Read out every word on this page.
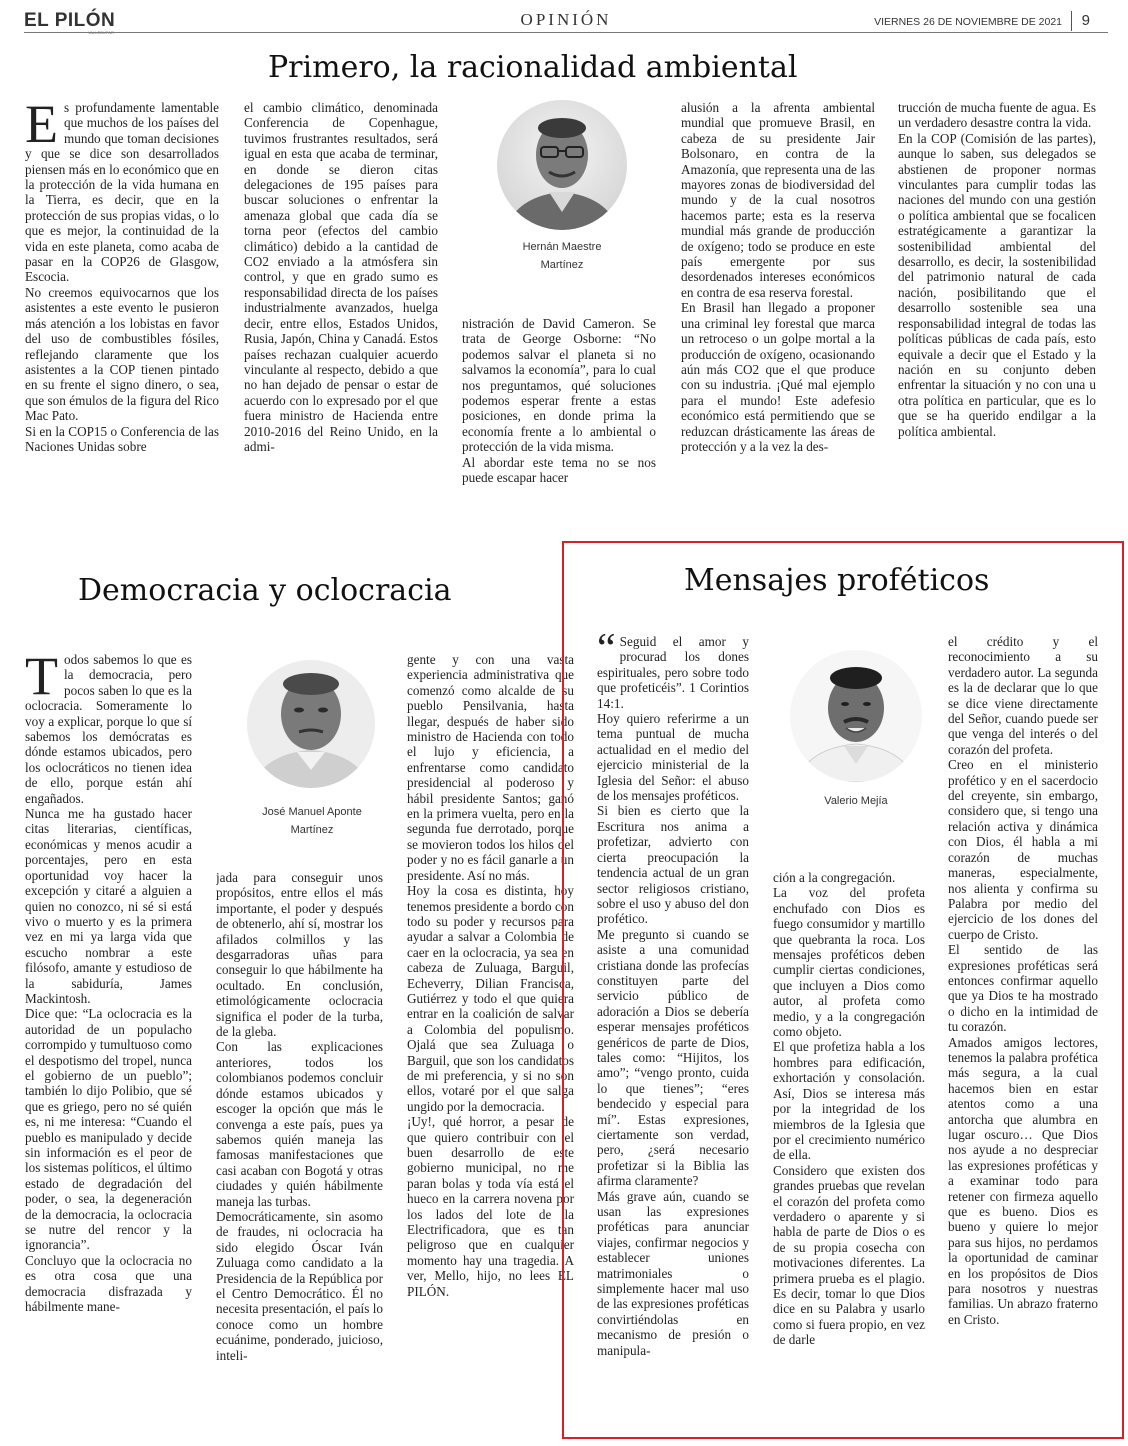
EL PILÓN	OPINIÓN	VIERNES 26 DE NOVIEMBRE DE 2021 9
Primero, la racionalidad ambiental
E s profundamente lamentable que muchos de los países del mundo que toman decisiones y que se dice son desarrollados piensen más en lo económico que en la protección de la vida humana en la Tierra, es decir, que en la protección de sus propias vidas, o lo que es mejor, la continuidad de la vida en este planeta, como acaba de pasar en la COP26 de Glasgow, Escocia.
No creemos equivocarnos que los asistentes a este evento le pusieron más atención a los lobistas en favor del uso de combustibles fósiles, reflejando claramente que los asistentes a la COP tienen pintado en su frente el signo dinero, o sea, que son émulos de la figura del Rico Mac Pato.
Si en la COP15 o Conferencia de las Naciones Unidas sobre
el cambio climático, denominada Conferencia de Copenhague, tuvimos frustrantes resultados, será igual en esta que acaba de terminar, en donde se dieron citas delegaciones de 195 países para buscar soluciones o enfrentar la amenaza global que cada día se torna peor (efectos del cambio climático) debido a la cantidad de CO2 enviado a la atmósfera sin control, y que en grado sumo es responsabilidad directa de los países industrialmente avanzados, huelga decir, entre ellos, Estados Unidos, Rusia, Japón, China y Canadá. Estos países rechazan cualquier acuerdo vinculante al respecto, debido a que no han dejado de pensar o estar de acuerdo con lo expresado por el que fuera ministro de Hacienda entre 2010-2016 del Reino Unido, en la admi-
Hernán Maestre
Martínez
nistración de David Cameron. Se trata de George Osborne: “No podemos salvar el planeta si no salvamos la economía”, para lo cual nos preguntamos, qué soluciones podemos esperar frente a estas posiciones, en donde prima la economía frente a lo ambiental o protección de la vida misma.
Al abordar este tema no se nos puede escapar hacer
alusión a la afrenta ambiental mundial que promueve Brasil, en cabeza de su presidente Jair Bolsonaro, en contra de la Amazonía, que representa una de las mayores zonas de biodiversidad del mundo y de la cual nosotros hacemos parte; esta es la reserva mundial más grande de producción de oxígeno; todo se produce en este país emergente por sus desordenados intereses económicos en contra de esa reserva forestal.
En Brasil han llegado a proponer una criminal ley forestal que marca un retroceso o un golpe mortal a la producción de oxígeno, ocasionando aún más CO2 que el que produce con su industria. ¡Qué mal ejemplo para el mundo! Este adefesio económico está permitiendo que se reduzcan drásticamente las áreas de protección y a la vez la des-
trucción de mucha fuente de agua. Es un verdadero desastre contra la vida.
En la COP (Comisión de las partes), aunque lo saben, sus delegados se abstienen de proponer normas vinculantes para cumplir todas las naciones del mundo con una gestión o política ambiental que se focalicen estratégicamente a garantizar la sostenibilidad ambiental del desarrollo, es decir, la sostenibilidad del patrimonio natural de cada nación, posibilitando que el desarrollo sostenible sea una responsabilidad integral de todas las políticas públicas de cada país, esto equivale a decir que el Estado y la nación en su conjunto deben enfrentar la situación y no con una u otra política en particular, que es lo que se ha querido endilgar a la política ambiental.
Democracia y oclocracia
T odos sabemos lo que es la democracia, pero pocos saben lo que es la oclocracia. Someramente lo voy a explicar, porque lo que sí sabemos los demócratas es dónde estamos ubicados, pero los oclocráticos no tienen idea de ello, porque están ahí engañados.
Nunca me ha gustado hacer citas literarias, científicas, económicas y menos acudir a porcentajes, pero en esta oportunidad voy hacer la excepción y citaré a alguien a quien no conozco, ni sé si está vivo o muerto y es la primera vez en mi ya larga vida que escucho nombrar a este filósofo, amante y estudioso de la sabiduría, James Mackintosh.
Dice que: “La oclocracia es la autoridad de un populacho corrompido y tumultuoso como el despotismo del tropel, nunca el gobierno de un pueblo”; también lo dijo Polibio, que sé que es griego, pero no sé quién es, ni me interesa: “Cuando el pueblo es manipulado y decide sin información es el peor de los sistemas políticos, el último estado de degradación del poder, o sea, la degeneración de la democracia, la oclocracia se nutre del rencor y la ignorancia”.
Concluyo que la oclocracia no es otra cosa que una democracia disfrazada y hábilmente mane-
José Manuel Aponte
Martínez
jada para conseguir unos propósitos, entre ellos el más importante, el poder y después de obtenerlo, ahí sí, mostrar los afilados colmillos y las desgarradoras uñas para conseguir lo que hábilmente ha ocultado. En conclusión, etimológicamente oclocracia significa el poder de la turba, de la gleba.
Con las explicaciones anteriores, todos los colombianos podemos concluir dónde estamos ubicados y escoger la opción que más le convenga a este país, pues ya sabemos quién maneja las famosas manifestaciones que casi acaban con Bogotá y otras ciudades y quién hábilmente maneja las turbas.
Democráticamente, sin asomo de fraudes, ni oclocracia ha sido elegido Óscar Iván Zuluaga como candidato a la Presidencia de la República por el Centro Democrático. Él no necesita presentación, el país lo conoce como un hombre ecuánime, ponderado, juicioso, inteli-
gente y con una vasta experiencia administrativa que comenzó como alcalde de su pueblo Pensilvania, hasta llegar, después de haber sido ministro de Hacienda con todo el lujo y eficiencia, a enfrentarse como candidato presidencial al poderoso y hábil presidente Santos; ganó en la primera vuelta, pero en la segunda fue derrotado, porque se movieron todos los hilos del poder y no es fácil ganarle a un presidente. Así no más.
Hoy la cosa es distinta, hoy tenemos presidente a bordo con todo su poder y recursos para ayudar a salvar a Colombia de caer en la oclocracia, ya sea en cabeza de Zuluaga, Barguil, Echeverry, Dilian Francisca, Gutiérrez y todo el que quiera entrar en la coalición de salvar a Colombia del populismo. Ojalá que sea Zuluaga o Barguil, que son los candidatos de mi preferencia, y si no son ellos, votaré por el que salga ungido por la democracia.
¡Uy!, qué horror, a pesar de que quiero contribuir con el buen desarrollo de este gobierno municipal, no me paran bolas y toda vía está el hueco en la carrera novena por los lados del lote de la Electrificadora, que es tan peligroso que en cualquier momento hay una tragedia. A ver, Mello, hijo, no lees EL PILÓN.
Mensajes proféticos
“ Seguid el amor y procurad los dones espirituales, pero sobre todo que profeticéis”. 1 Corintios 14:1.
Hoy quiero referirme a un tema puntual de mucha actualidad en el medio del ejercicio ministerial de la Iglesia del Señor: el abuso de los mensajes proféticos.
Si bien es cierto que la Escritura nos anima a profetizar, advierto con cierta preocupación la tendencia actual de un gran sector religiosos cristiano, sobre el uso y abuso del don profético.
Me pregunto si cuando se asiste a una comunidad cristiana donde las profecías constituyen parte del servicio público de adoración a Dios se debería esperar mensajes proféticos genéricos de parte de Dios, tales como: “Hijitos, los amo”; “vengo pronto, cuida lo que tienes”; “eres bendecido y especial para mí”. Estas expresiones, ciertamente son verdad, pero, ¿será necesario profetizar si la Biblia las afirma claramente?
Más grave aún, cuando se usan las expresiones proféticas para anunciar viajes, confirmar negocios y establecer uniones matrimoniales o simplemente hacer mal uso de las expresiones proféticas convirtiéndolas en mecanismo de presión o manipula-
Valerio Mejía
ción a la congregación.
La voz del profeta enchufado con Dios es fuego consumidor y martillo que quebranta la roca. Los mensajes proféticos deben cumplir ciertas condiciones, que incluyen a Dios como autor, al profeta como medio, y a la congregación como objeto.
El que profetiza habla a los hombres para edificación, exhortación y consolación. Así, Dios se interesa más por la integridad de los miembros de la Iglesia que por el crecimiento numérico de ella.
Considero que existen dos grandes pruebas que revelan el corazón del profeta como verdadero o aparente y si habla de parte de Dios o es de su propia cosecha con motivaciones diferentes. La primera prueba es el plagio. Es decir, tomar lo que Dios dice en su Palabra y usarlo como si fuera propio, en vez de darle
el crédito y el reconocimiento a su verdadero autor. La segunda es la de declarar que lo que se dice viene directamente del Señor, cuando puede ser que venga del interés o del corazón del profeta.
Creo en el ministerio profético y en el sacerdocio del creyente, sin embargo, considero que, si tengo una relación activa y dinámica con Dios, él habla a mi corazón de muchas maneras, especialmente, nos alienta y confirma su Palabra por medio del ejercicio de los dones del cuerpo de Cristo.
El sentido de las expresiones proféticas será entonces confirmar aquello que ya Dios te ha mostrado o dicho en la intimidad de tu corazón.
Amados amigos lectores, tenemos la palabra profética más segura, a la cual hacemos bien en estar atentos como a una antorcha que alumbra en lugar oscuro… Que Dios nos ayude a no despreciar las expresiones proféticas y a examinar todo para retener con firmeza aquello que es bueno. Dios es bueno y quiere lo mejor para sus hijos, no perdamos la oportunidad de caminar en los propósitos de Dios para nosotros y nuestras familias. Un abrazo fraterno en Cristo.
